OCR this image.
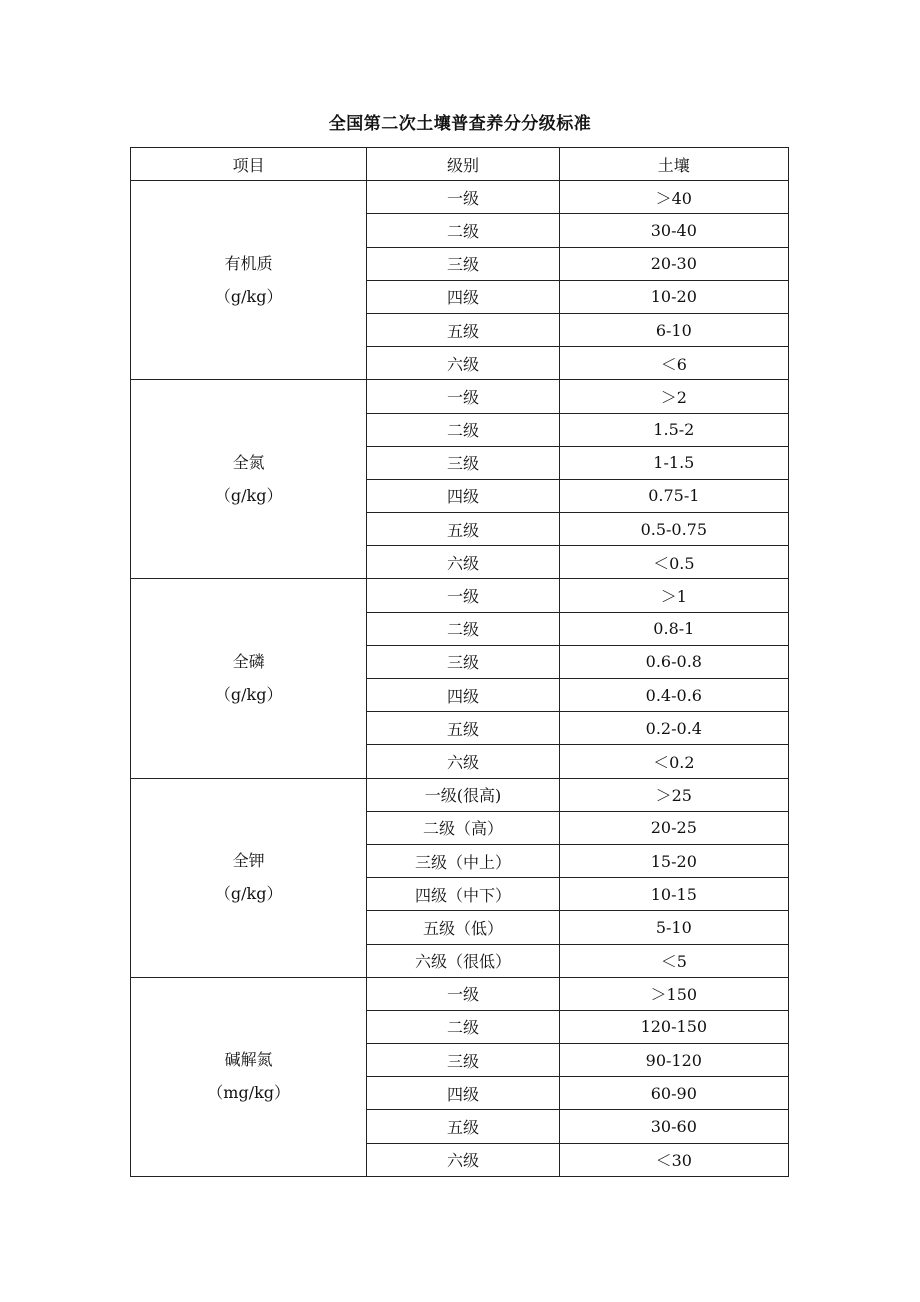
全国第二次土壤普查养分分级标准
项目	级别	土壤

有机质
（g/kg）	一级	＞40
	二级	30-40
	三级	20-30
	四级	10-20
	五级	6-10
	六级	＜6

全氮
（g/kg）	一级	＞2
	二级	1.5-2
	三级	1-1.5
	四级	0.75-1
	五级	0.5-0.75
	六级	＜0.5

全磷
（g/kg）	一级	＞1
	二级	0.8-1
	三级	0.6-0.8
	四级	0.4-0.6
	五级	0.2-0.4
	六级	＜0.2

全钾
（g/kg）	一级(很高)	＞25
	二级（高）	20-25
	三级（中上）	15-20
	四级（中下）	10-15
	五级（低）	5-10
	六级（很低）	＜5

碱解氮
（mg/kg）	一级	＞150
	二级	120-150
	三级	90-120
	四级	60-90
	五级	30-60
	六级	＜30
